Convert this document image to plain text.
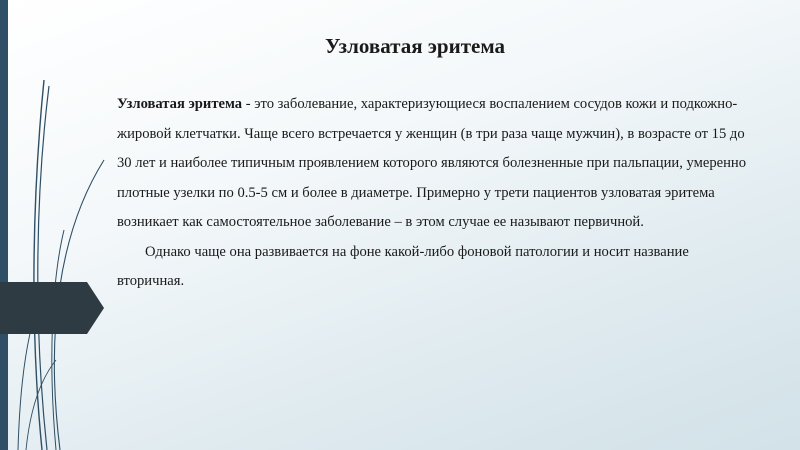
Узловатая эритема

Узловатая эритема - это заболевание, характеризующиеся воспалением сосудов кожи и подкожно-жировой клетчатки. Чаще всего встречается у женщин (в три раза чаще мужчин), в возрасте от 15 до 30 лет и наиболее типичным проявлением которого являются болезненные при пальпации, умеренно плотные узелки по 0.5-5 см и более в диаметре. Примерно у трети пациентов узловатая эритема возникает как самостоятельное заболевание – в этом случае ее называют первичной.

Однако чаще она развивается на фоне какой-либо фоновой патологии и носит название вторичная.
